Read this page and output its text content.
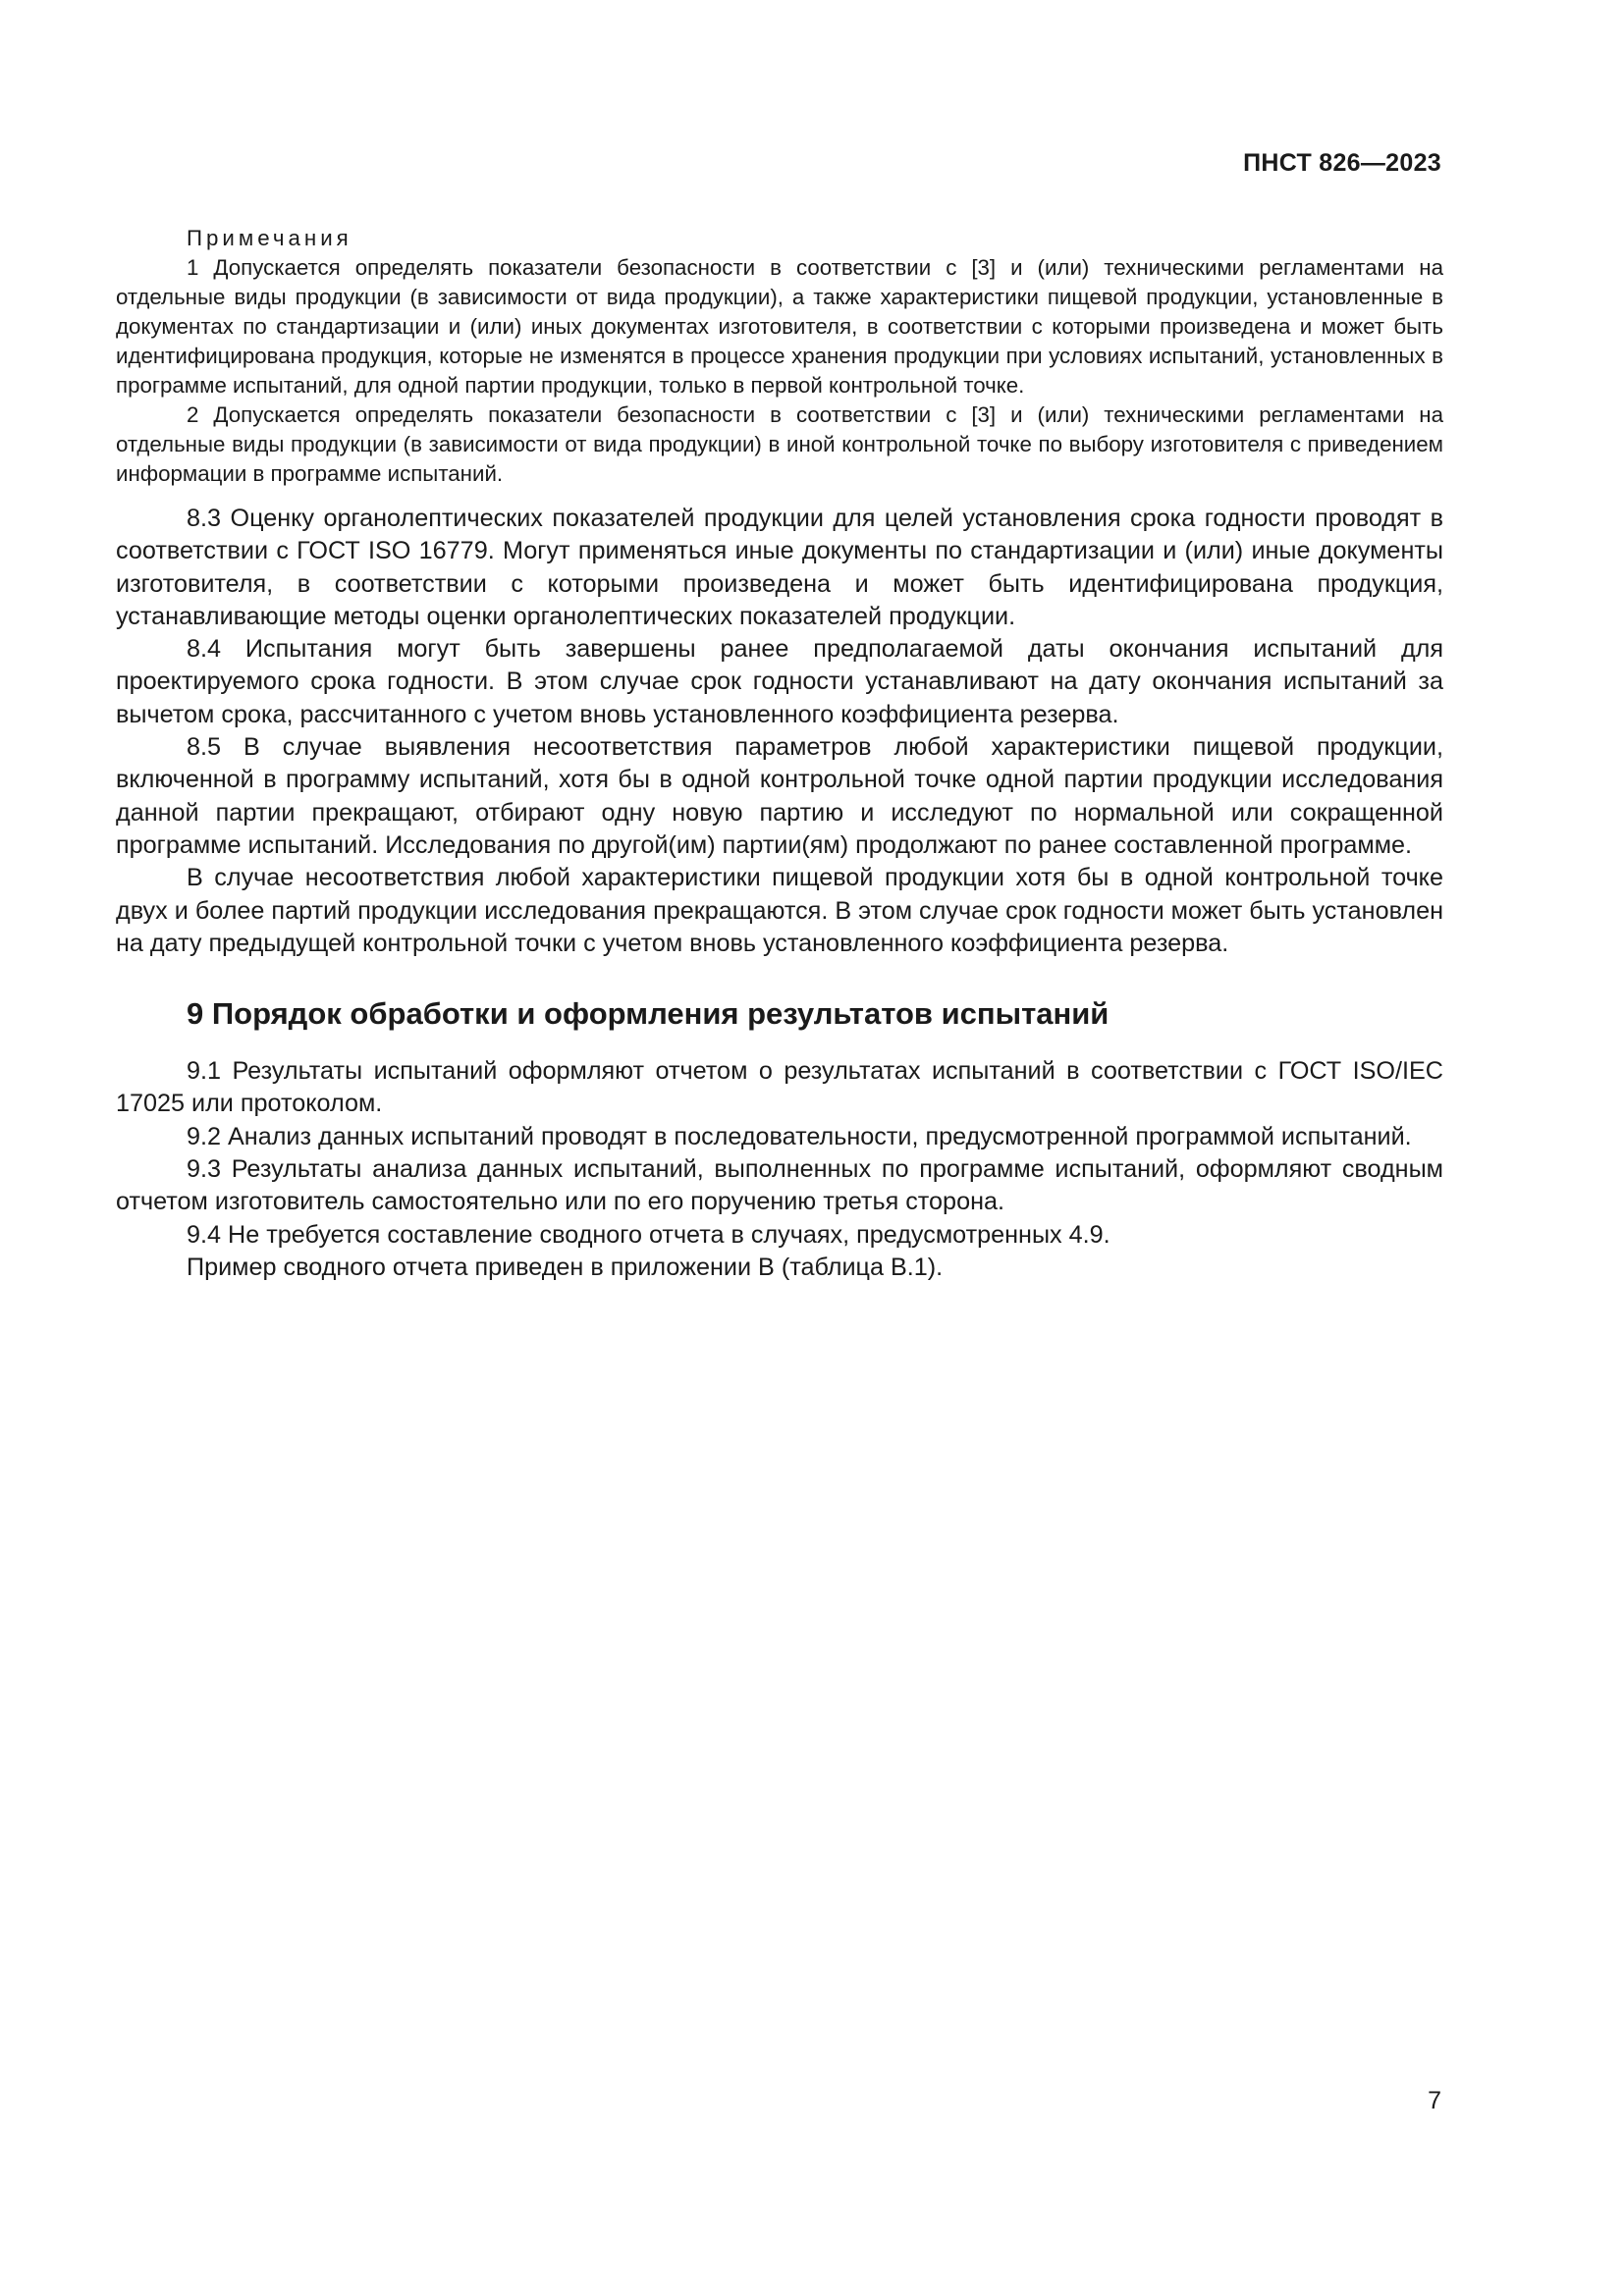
ПНСТ 826—2023
Примечания

1 Допускается определять показатели безопасности в соответствии с [3] и (или) техническими регламентами на отдельные виды продукции (в зависимости от вида продукции), а также характеристики пищевой продукции, установленные в документах по стандартизации и (или) иных документах изготовителя, в соответствии с которыми произведена и может быть идентифицирована продукция, которые не изменятся в процессе хранения продукции при условиях испытаний, установленных в программе испытаний, для одной партии продукции, только в первой контрольной точке.

2 Допускается определять показатели безопасности в соответствии с [3] и (или) техническими регламентами на отдельные виды продукции (в зависимости от вида продукции) в иной контрольной точке по выбору изготовителя с приведением информации в программе испытаний.

8.3 Оценку органолептических показателей продукции для целей установления срока годности проводят в соответствии с ГОСТ ISO 16779. Могут применяться иные документы по стандартизации и (или) иные документы изготовителя, в соответствии с которыми произведена и может быть идентифицирована продукция, устанавливающие методы оценки органолептических показателей продукции.

8.4 Испытания могут быть завершены ранее предполагаемой даты окончания испытаний для проектируемого срока годности. В этом случае срок годности устанавливают на дату окончания испытаний за вычетом срока, рассчитанного с учетом вновь установленного коэффициента резерва.

8.5 В случае выявления несоответствия параметров любой характеристики пищевой продукции, включенной в программу испытаний, хотя бы в одной контрольной точке одной партии продукции исследования данной партии прекращают, отбирают одну новую партию и исследуют по нормальной или сокращенной программе испытаний. Исследования по другой(им) партии(ям) продолжают по ранее составленной программе.

В случае несоответствия любой характеристики пищевой продукции хотя бы в одной контрольной точке двух и более партий продукции исследования прекращаются. В этом случае срок годности может быть установлен на дату предыдущей контрольной точки с учетом вновь установленного коэффициента резерва.

9 Порядок обработки и оформления результатов испытаний

9.1 Результаты испытаний оформляют отчетом о результатах испытаний в соответствии с ГОСТ ISO/IEC 17025 или протоколом.

9.2 Анализ данных испытаний проводят в последовательности, предусмотренной программой испытаний.

9.3 Результаты анализа данных испытаний, выполненных по программе испытаний, оформляют сводным отчетом изготовитель самостоятельно или по его поручению третья сторона.

9.4 Не требуется составление сводного отчета в случаях, предусмотренных 4.9.

Пример сводного отчета приведен в приложении В (таблица В.1).

7
